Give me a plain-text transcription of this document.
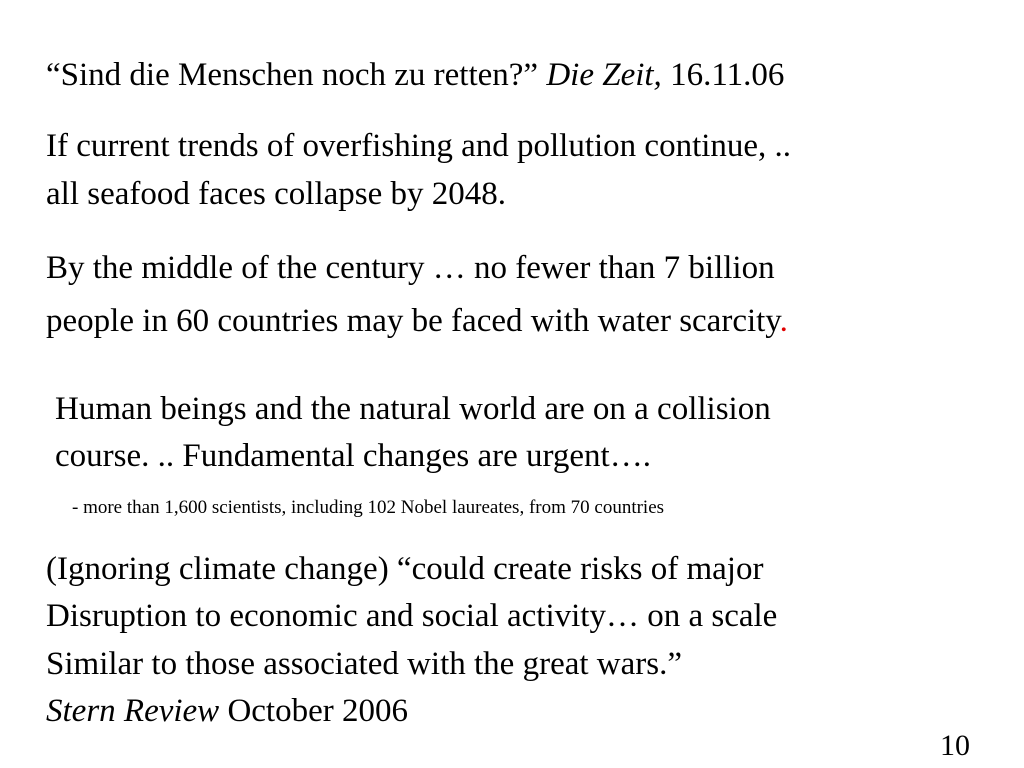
“Sind die Menschen noch zu retten?” Die Zeit, 16.11.06
If current trends of overfishing and pollution continue, ..
all seafood faces collapse by 2048.
By the middle of the century … no fewer than 7 billion
people in 60 countries may be faced with water scarcity.
Human beings and the natural world are on a collision
course. .. Fundamental changes are urgent….
- more than 1,600 scientists, including 102 Nobel laureates, from 70 countries
(Ignoring climate change) “could create risks of major
Disruption to economic and social activity… on a scale
Similar to those associated with the great wars.”
Stern Review October 2006
10
